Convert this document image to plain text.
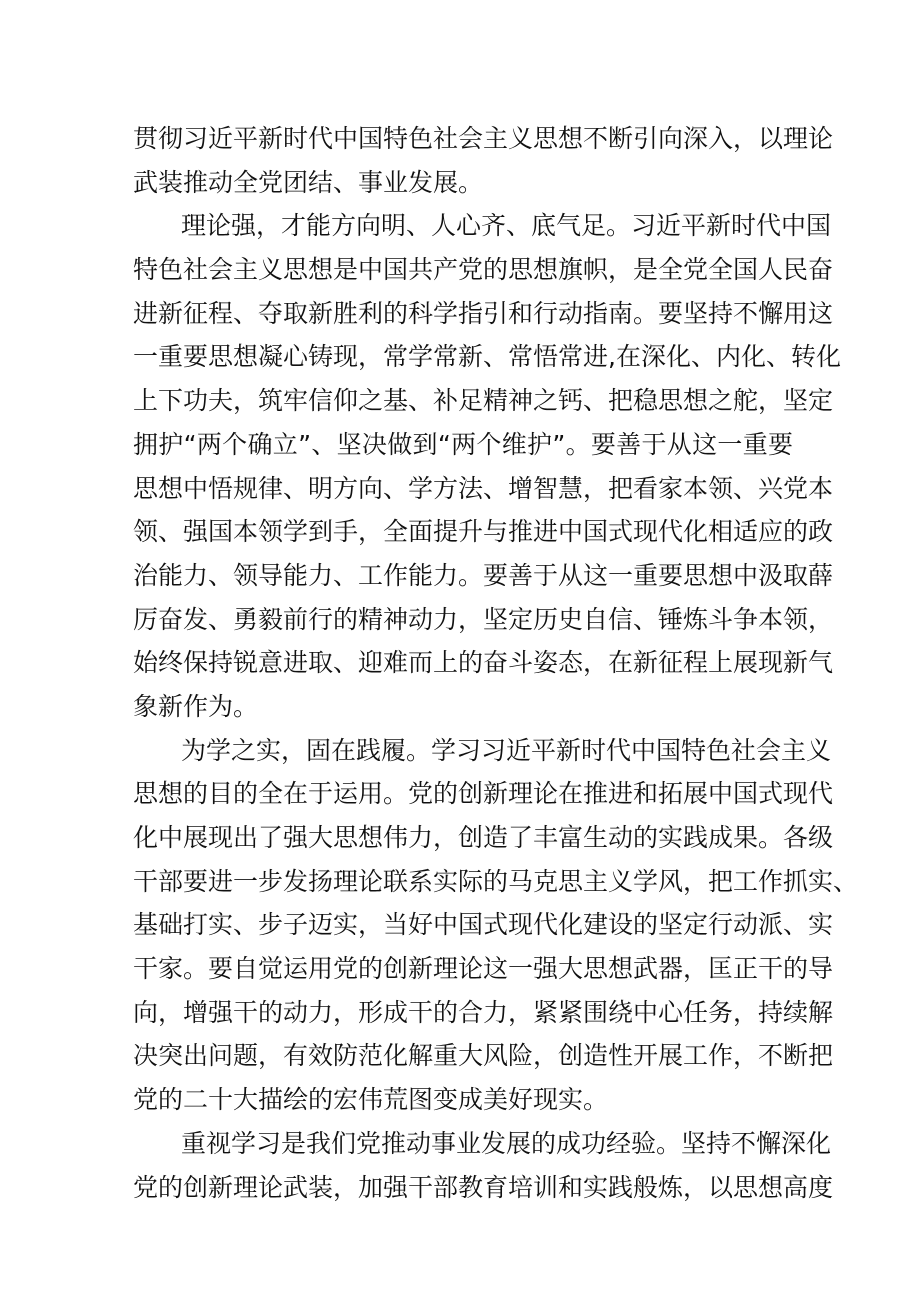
贯彻习近平新时代中国特色社会主义思想不断引向深入，以理论
武装推动全党团结、事业发展。
理论强，才能方向明、人心齐、底气足。习近平新时代中国
特色社会主义思想是中国共产党的思想旗帜，是全党全国人民奋
进新征程、夺取新胜利的科学指引和行动指南。要坚持不懈用这
一重要思想凝心铸现，常学常新、常悟常进,在深化、内化、转化
上下功夫，筑牢信仰之基、补足精神之钙、把稳思想之舵，坚定
拥护“两个确立”、坚决做到“两个维护”。要善于从这一重要
思想中悟规律、明方向、学方法、增智慧，把看家本领、兴党本
领、强国本领学到手，全面提升与推进中国式现代化相适应的政
治能力、领导能力、工作能力。要善于从这一重要思想中汲取薛
厉奋发、勇毅前行的精神动力，坚定历史自信、锤炼斗争本领，
始终保持锐意进取、迎难而上的奋斗姿态，在新征程上展现新气
象新作为。
为学之实，固在践履。学习习近平新时代中国特色社会主义
思想的目的全在于运用。党的创新理论在推进和拓展中国式现代
化中展现出了强大思想伟力，创造了丰富生动的实践成果。各级
干部要进一步发扬理论联系实际的马克思主义学风，把工作抓实、
基础打实、步子迈实，当好中国式现代化建设的坚定行动派、实
干家。要自觉运用党的创新理论这一强大思想武器，匡正干的导
向，增强干的动力，形成干的合力，紧紧围绕中心任务，持续解
决突出问题，有效防范化解重大风险，创造性开展工作，不断把
党的二十大描绘的宏伟荒图变成美好现实。
重视学习是我们党推动事业发展的成功经验。坚持不懈深化
党的创新理论武装，加强干部教育培训和实践般炼，以思想高度
